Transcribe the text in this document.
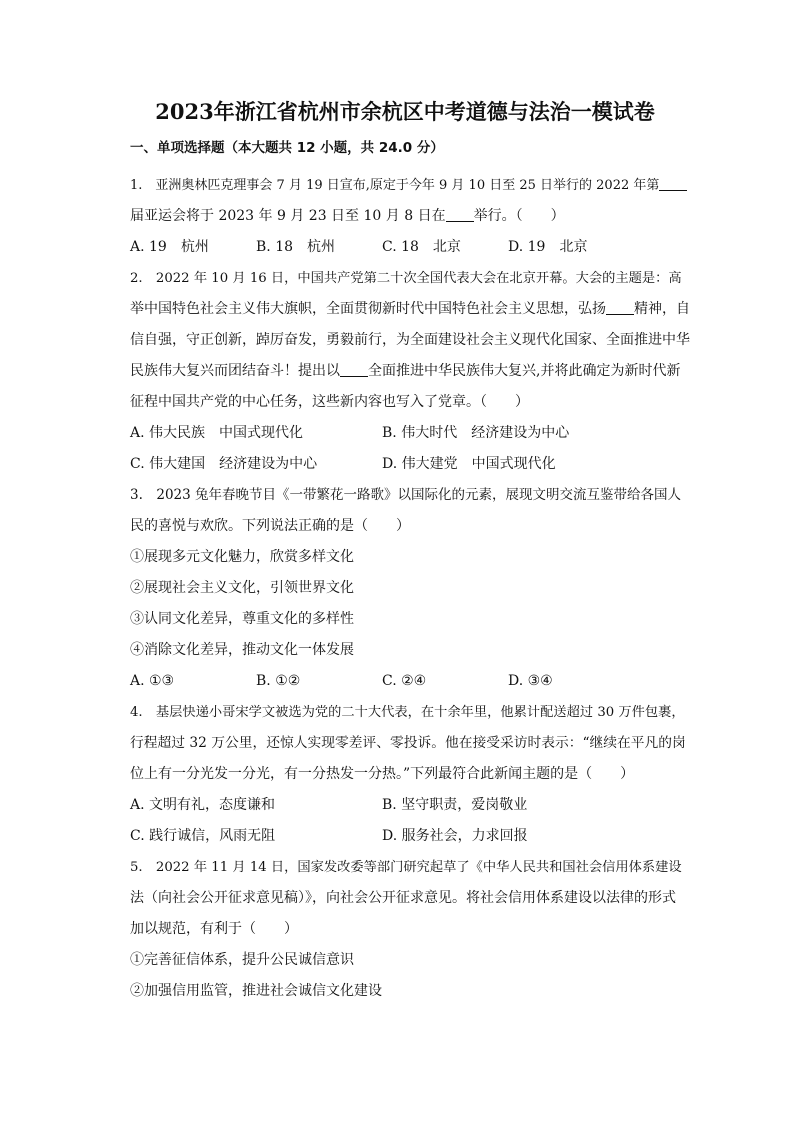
2023年浙江省杭州市余杭区中考道德与法治一模试卷
一、单项选择题（本大题共 12 小题，共 24.0 分）
1.　亚洲奥林匹克理事会 7 月 19 日宣布,原定于今年 9 月 10 日至 25 日举行的 2022 年第
届亚运会将于 2023 年 9 月 23 日至 10 月 8 日在 举行。（　　）
A. 19　杭州	B. 18　杭州	C. 18　北京	D. 19　北京
2.　2022 年 10 月 16 日，中国共产党第二十次全国代表大会在北京开幕。大会的主题是：高
举中国特色社会主义伟大旗帜，全面贯彻新时代中国特色社会主义思想，弘扬 精神，自
信自强，守正创新，踔厉奋发，勇毅前行，为全面建设社会主义现代化国家、全面推进中华
民族伟大复兴而团结奋斗！提出以 全面推进中华民族伟大复兴,并将此确定为新时代新
征程中国共产党的中心任务，这些新内容也写入了党章。（　　）
A. 伟大民族　中国式现代化	B. 伟大时代　经济建设为中心
C. 伟大建国　经济建设为中心	D. 伟大建党　中国式现代化
3.　2023 兔年春晚节目《一带繁花一路歌》以国际化的元素，展现文明交流互鉴带给各国人
民的喜悦与欢欣。下列说法正确的是（　　）
①展现多元文化魅力，欣赏多样文化
②展现社会主义文化，引领世界文化
③认同文化差异，尊重文化的多样性
④消除文化差异，推动文化一体发展
A. ①③	B. ①②	C. ②④	D. ③④
4.　基层快递小哥宋学文被选为党的二十大代表，在十余年里，他累计配送超过 30 万件包裹，
行程超过 32 万公里，还惊人实现零差评、零投诉。他在接受采访时表示：“继续在平凡的岗
位上有一分光发一分光，有一分热发一分热。”下列最符合此新闻主题的是（　　）
A. 文明有礼，态度谦和	B. 坚守职责，爱岗敬业
C. 践行诚信，风雨无阻	D. 服务社会，力求回报
5.　2022 年 11 月 14 日，国家发改委等部门研究起草了《中华人民共和国社会信用体系建设
法（向社会公开征求意见稿）》，向社会公开征求意见。将社会信用体系建设以法律的形式
加以规范，有利于（　　）
①完善征信体系，提升公民诚信意识
②加强信用监管，推进社会诚信文化建设
